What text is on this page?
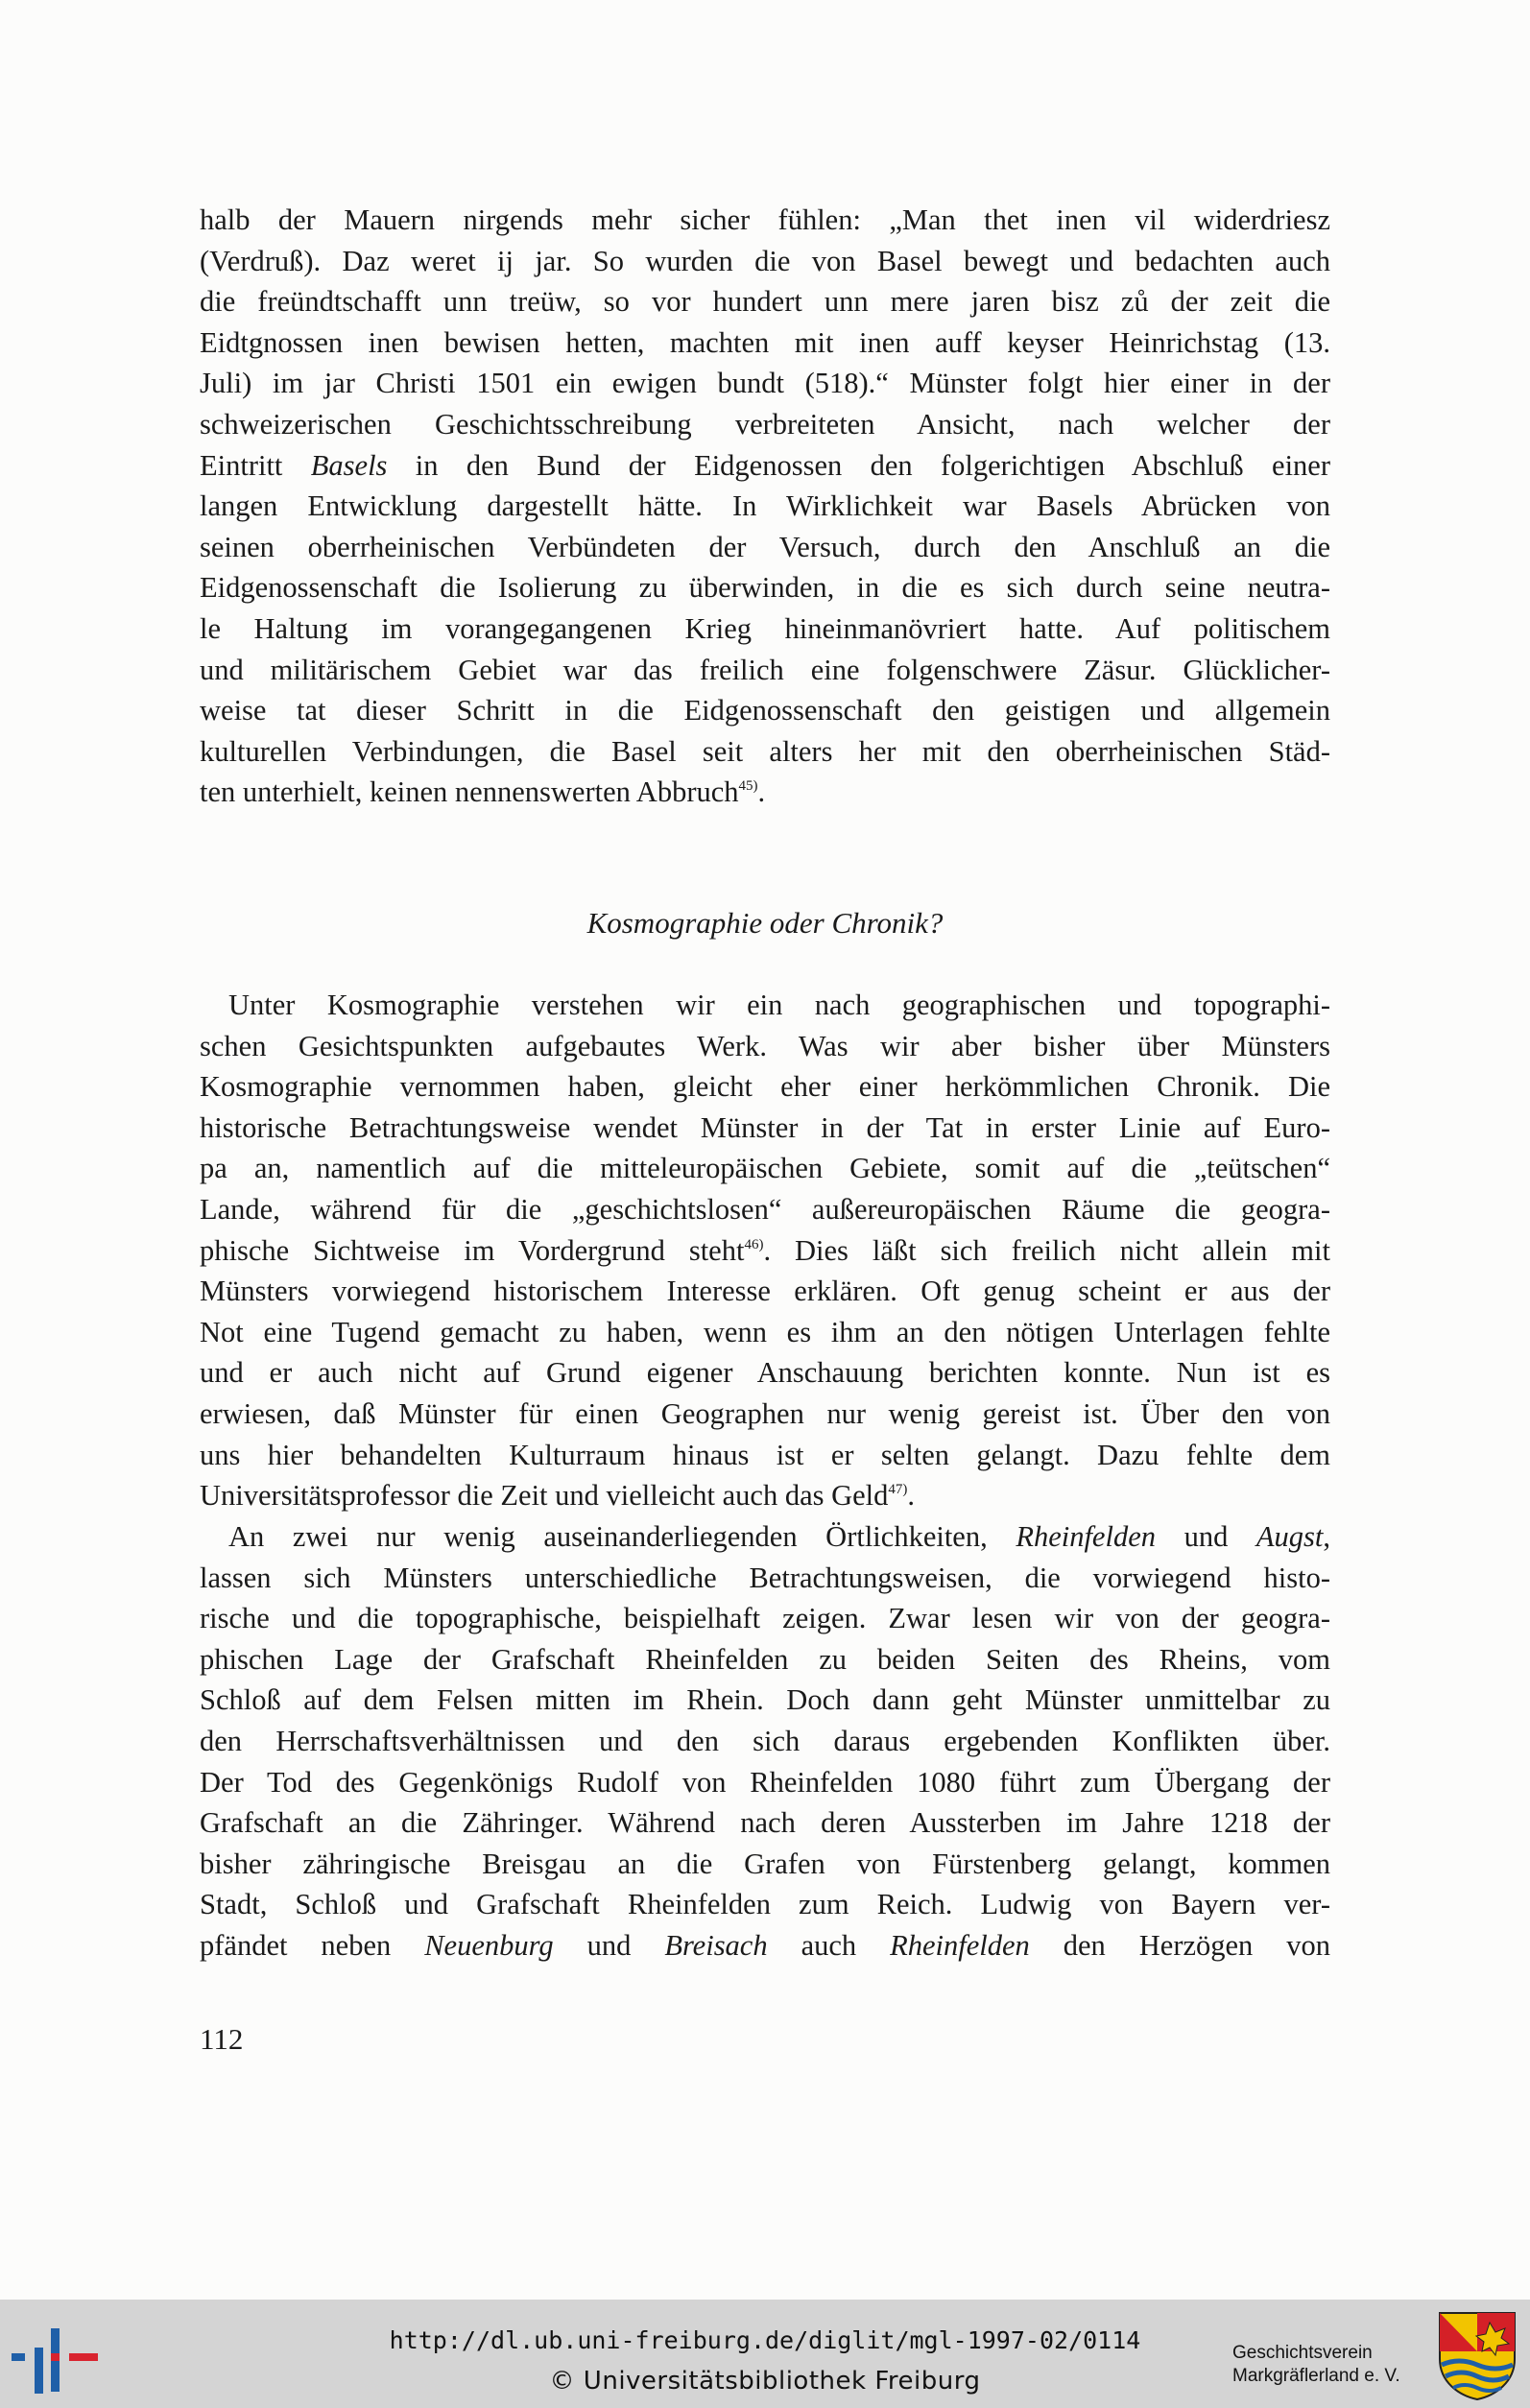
halb der Mauern nirgends mehr sicher fühlen: „Man thet inen vil widerdriesz
(Verdruß). Daz weret ij jar. So wurden die von Basel bewegt und bedachten auch
die freündtschafft unn treüw, so vor hundert unn mere jaren bisz zů der zeit die
Eidtgnossen inen bewisen hetten, machten mit inen auff keyser Heinrichstag (13.
Juli) im jar Christi 1501 ein ewigen bundt (518).“ Münster folgt hier einer in der
schweizerischen Geschichtsschreibung verbreiteten Ansicht, nach welcher der
Eintritt Basels in den Bund der Eidgenossen den folgerichtigen Abschluß einer
langen Entwicklung dargestellt hätte. In Wirklichkeit war Basels Abrücken von
seinen oberrheinischen Verbündeten der Versuch, durch den Anschluß an die
Eidgenossenschaft die Isolierung zu überwinden, in die es sich durch seine neutra-
le Haltung im vorangegangenen Krieg hineinmanövriert hatte. Auf politischem
und militärischem Gebiet war das freilich eine folgenschwere Zäsur. Glücklicher-
weise tat dieser Schritt in die Eidgenossenschaft den geistigen und allgemein
kulturellen Verbindungen, die Basel seit alters her mit den oberrheinischen Städ-
ten unterhielt, keinen nennenswerten Abbruch$^{45)}$.

Kosmographie oder Chronik?

Unter Kosmographie verstehen wir ein nach geographischen und topographi-
schen Gesichtspunkten aufgebautes Werk. Was wir aber bisher über Münsters
Kosmographie vernommen haben, gleicht eher einer herkömmlichen Chronik. Die
historische Betrachtungsweise wendet Münster in der Tat in erster Linie auf Euro-
pa an, namentlich auf die mitteleuropäischen Gebiete, somit auf die „teütschen“
Lande, während für die „geschichtslosen“ außereuropäischen Räume die geogra-
phische Sichtweise im Vordergrund steht$^{46)}$. Dies läßt sich freilich nicht allein mit
Münsters vorwiegend historischem Interesse erklären. Oft genug scheint er aus der
Not eine Tugend gemacht zu haben, wenn es ihm an den nötigen Unterlagen fehlte
und er auch nicht auf Grund eigener Anschauung berichten konnte. Nun ist es
erwiesen, daß Münster für einen Geographen nur wenig gereist ist. Über den von
uns hier behandelten Kulturraum hinaus ist er selten gelangt. Dazu fehlte dem
Universitätsprofessor die Zeit und vielleicht auch das Geld$^{47)}$.

An zwei nur wenig auseinanderliegenden Örtlichkeiten, Rheinfelden und Augst,
lassen sich Münsters unterschiedliche Betrachtungsweisen, die vorwiegend histo-
rische und die topographische, beispielhaft zeigen. Zwar lesen wir von der geogra-
phischen Lage der Grafschaft Rheinfelden zu beiden Seiten des Rheins, vom
Schloß auf dem Felsen mitten im Rhein. Doch dann geht Münster unmittelbar zu
den Herrschaftsverhältnissen und den sich daraus ergebenden Konflikten über.
Der Tod des Gegenkönigs Rudolf von Rheinfelden 1080 führt zum Übergang der
Grafschaft an die Zähringer. Während nach deren Aussterben im Jahre 1218 der
bisher zähringische Breisgau an die Grafen von Fürstenberg gelangt, kommen
Stadt, Schloß und Grafschaft Rheinfelden zum Reich. Ludwig von Bayern ver-
pfändet neben Neuenburg und Breisach auch Rheinfelden den Herzögen von

112
http://dl.ub.uni-freiburg.de/diglit/mgl-1997-02/0114
© Universitätsbibliothek Freiburg
Geschichtsverein
Markgräflerland e. V.
